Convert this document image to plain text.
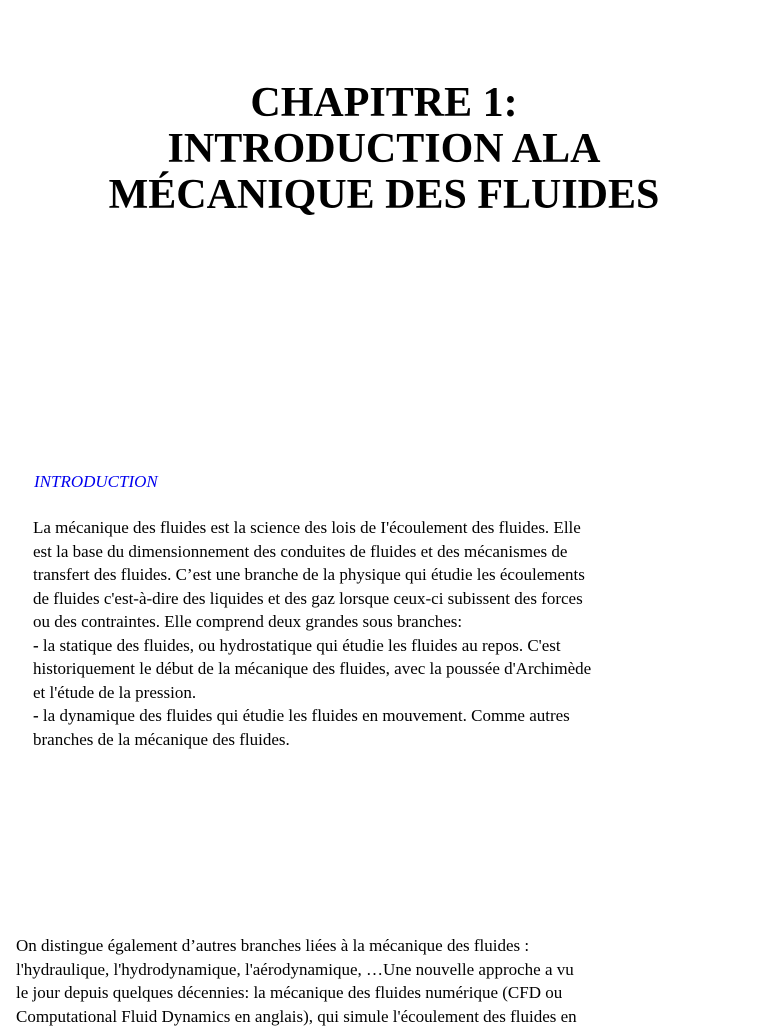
CHAPITRE 1:
INTRODUCTION ALA
MÉCANIQUE DES FLUIDES
INTRODUCTION
La mécanique des fluides est la science des lois de I'écoulement des fluides. Elle
est la base du dimensionnement des conduites de fluides et des mécanismes de
transfert des fluides. C’est une branche de la physique qui étudie les écoulements
de fluides c'est-à-dire des liquides et des gaz lorsque ceux-ci subissent des forces
ou des contraintes. Elle comprend deux grandes sous branches:
- la statique des fluides, ou hydrostatique qui étudie les fluides au repos. C'est
historiquement le début de la mécanique des fluides, avec la poussée d'Archimède
et l'étude de la pression.
- la dynamique des fluides qui étudie les fluides en mouvement. Comme autres
branches de la mécanique des fluides.
On distingue également d’autres branches liées à la mécanique des fluides :
l'hydraulique, l'hydrodynamique, l'aérodynamique, …Une nouvelle approche a vu
le jour depuis quelques décennies: la mécanique des fluides numérique (CFD ou
Computational Fluid Dynamics en anglais), qui simule l'écoulement des fluides en
